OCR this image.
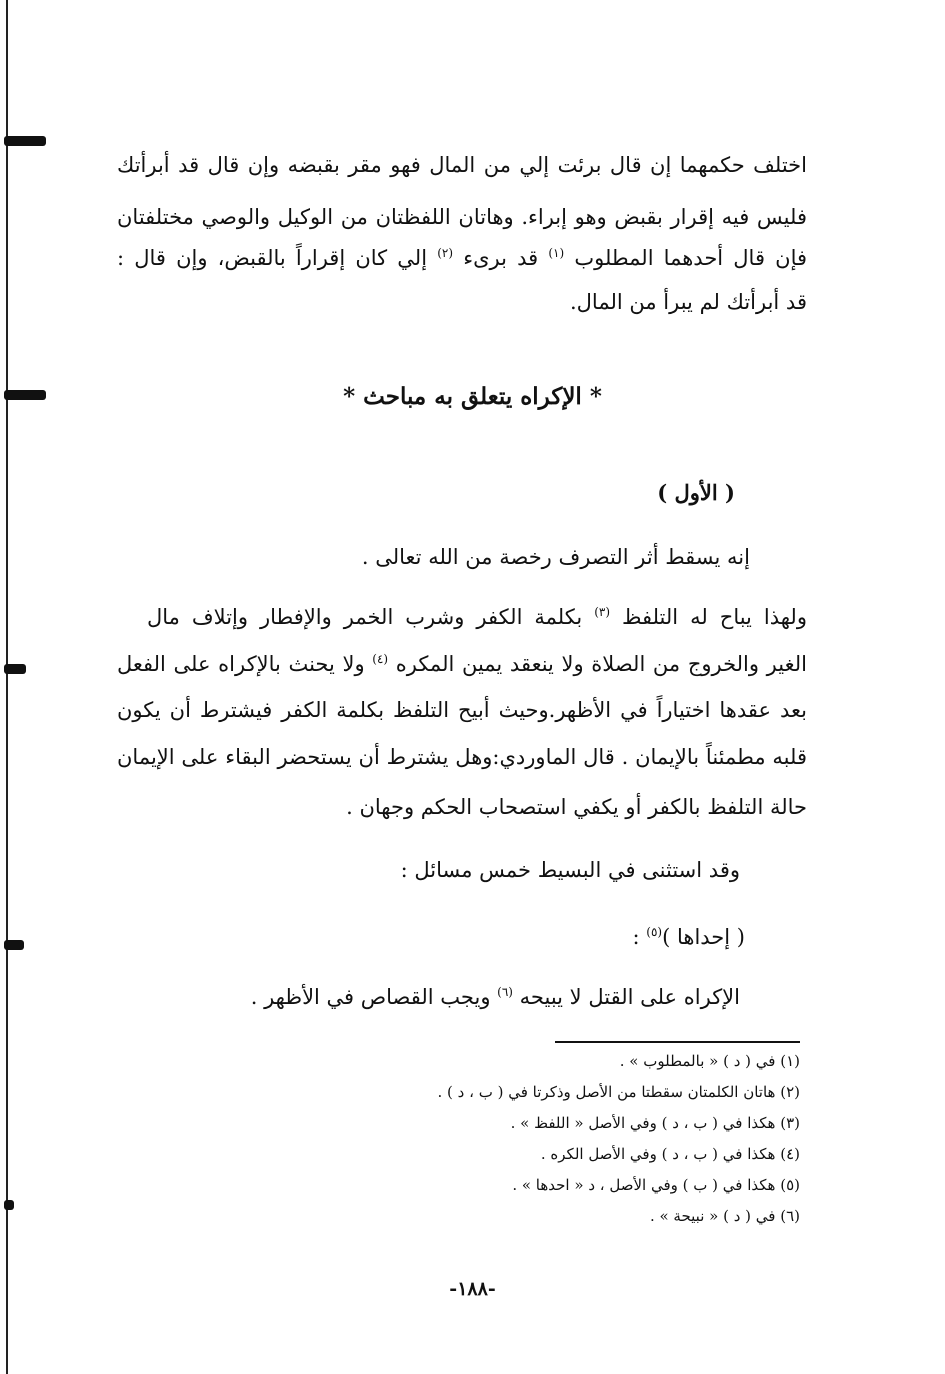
اختلف حكمهما إن قال برئت إلي من المال فهو مقر بقبضه وإن قال قد أبرأتك
فليس فيه إقرار بقبض وهو إبراء. وهاتان اللفظتان من الوكيل والوصي مختلفتان
فإن قال أحدهما المطلوب $^{(١)}$ قد برىء $^{(٢)}$ إلي كان إقراراً بالقبض، وإن قال :
قد أبرأتك لم يبرأ من المال.
* الإكراه يتعلق به مباحث *
( الأول )
إنه يسقط أثر التصرف رخصة من الله تعالى .
ولهذا يباح له التلفظ $^{(٣)}$ بكلمة الكفر وشرب الخمر والإفطار وإتلاف مال
الغير والخروج من الصلاة ولا ينعقد يمين المكره $^{(٤)}$ ولا يحنث بالإكراه على الفعل
بعد عقدها اختياراً في الأظهر.وحيث أبيح التلفظ بكلمة الكفر فيشترط أن يكون
قلبه مطمئناً بالإيمان . قال الماوردي:وهل يشترط أن يستحضر البقاء على الإيمان
حالة التلفظ بالكفر أو يكفي استصحاب الحكم وجهان .
وقد استثنى في البسيط خمس مسائل :
( إحداها )$^{(٥)}$ :
الإكراه على القتل لا يبيحه $^{(٦)}$ ويجب القصاص في الأظهر .
(١) في ( د ) « بالمطلوب » .
(٢) هاتان الكلمتان سقطتا من الأصل وذكرتا في ( ب ، د ) .
(٣) هكذا في ( ب ، د ) وفي الأصل « اللفظ » .
(٤) هكذا في ( ب ، د ) وفي الأصل الكره .
(٥) هكذا في ( ب ) وفي الأصل ، د « احدها » .
(٦) في ( د ) « نبيحة » .
-١٨٨-
